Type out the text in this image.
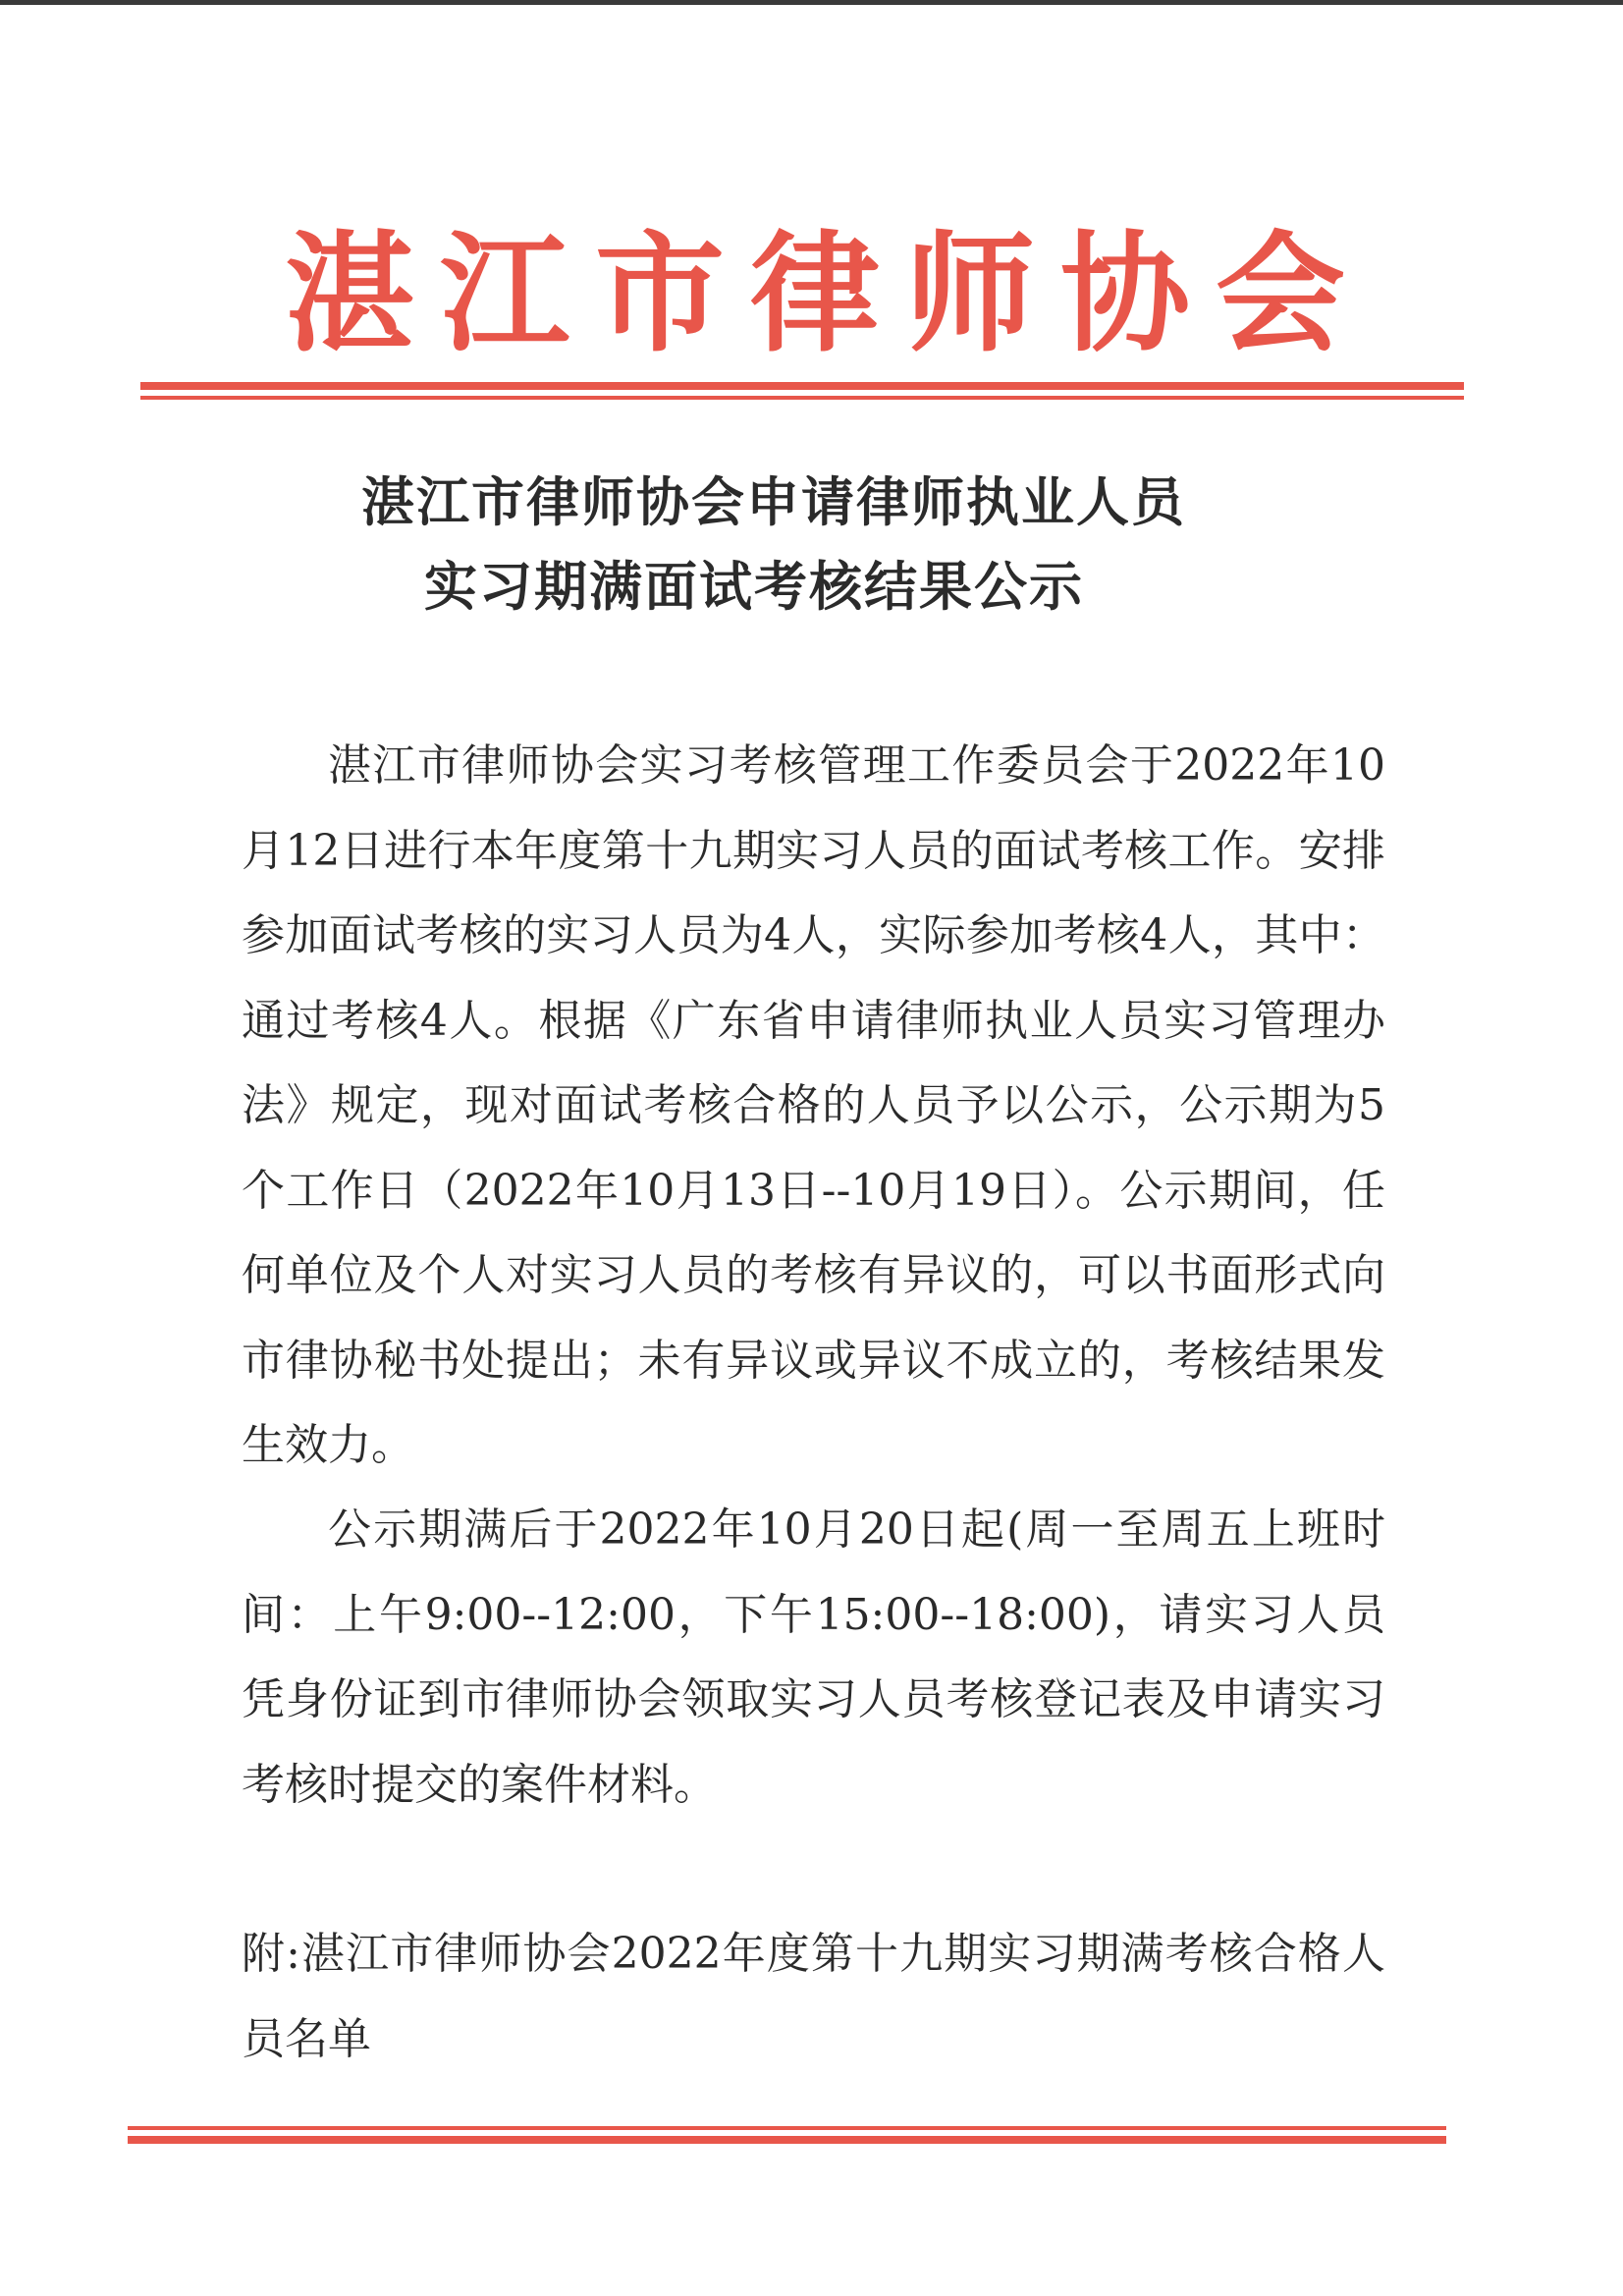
湛 江 市 律 师 协 会
湛江市律师协会申请律师执业人员
实习期满面试考核结果公示

湛江市律师协会实习考核管理工作委员会于2022年10月12日进行本年度第十九期实习人员的面试考核工作。安排参加面试考核的实习人员为4人，实际参加考核4人，其中：通过考核4人。根据《广东省申请律师执业人员实习管理办法》规定，现对面试考核合格的人员予以公示，公示期为5个工作日（2022年10月13日--10月19日）。公示期间，任何单位及个人对实习人员的考核有异议的，可以书面形式向市律协秘书处提出；未有异议或异议不成立的，考核结果发生效力。

公示期满后于2022年10月20日起(周一至周五上班时间：上午9:00--12:00，下午15:00--18:00)，请实习人员凭身份证到市律师协会领取实习人员考核登记表及申请实习考核时提交的案件材料。

附:湛江市律师协会2022年度第十九期实习期满考核合格人员名单
